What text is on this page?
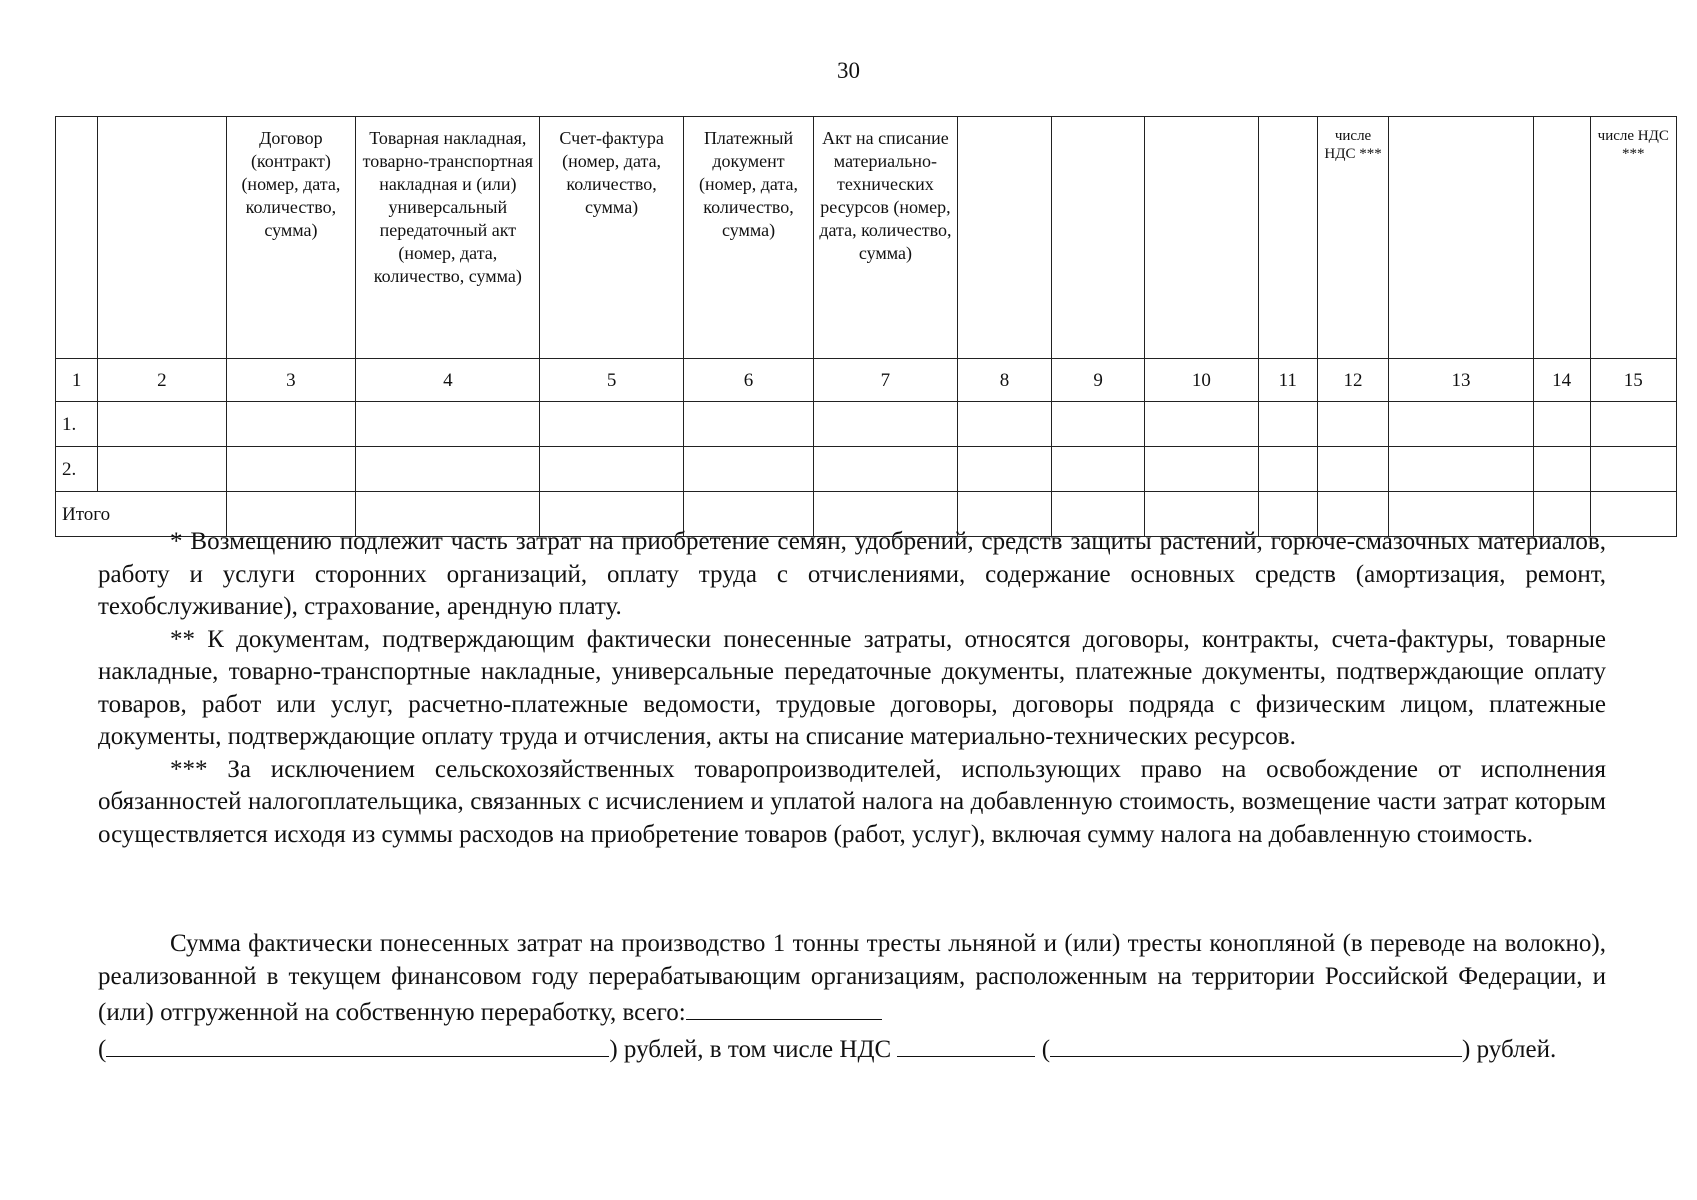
30
		Договор (контракт) (номер, дата, количество, сумма)	Товарная накладная, товарно-транспортная накладная и (или) универсальный передаточный акт (номер, дата, количество, сумма)	Счет-фактура (номер, дата, количество, сумма)	Платежный документ (номер, дата, количество, сумма)	Акт на списание материально-технических ресурсов (номер, дата, количество, сумма)					числе НДС ***			числе НДС ***

1	2	3	4	5	6	7	8	9	10	11	12	13	14	15
1.														
2.														
Итого														

* Возмещению подлежит часть затрат на приобретение семян, удобрений, средств защиты растений, горюче-смазочных материалов, работу и услуги сторонних организаций, оплату труда с отчислениями, содержание основных средств (амортизация, ремонт, техобслуживание), страхование, арендную плату.

** К документам, подтверждающим фактически понесенные затраты, относятся договоры, контракты, счета-фактуры, товарные накладные, товарно-транспортные накладные, универсальные передаточные документы, платежные документы, подтверждающие оплату товаров, работ или услуг, расчетно-платежные ведомости, трудовые договоры, договоры подряда с физическим лицом, платежные документы, подтверждающие оплату труда и отчисления, акты на списание материально-технических ресурсов.

*** За исключением сельскохозяйственных товаропроизводителей, использующих право на освобождение от исполнения обязанностей налогоплательщика, связанных с исчислением и уплатой налога на добавленную стоимость, возмещение части затрат которым осуществляется исходя из суммы расходов на приобретение товаров (работ, услуг), включая сумму налога на добавленную стоимость.

Сумма фактически понесенных затрат на производство 1 тонны тресты льняной и (или) тресты конопляной (в переводе на волокно), реализованной в текущем финансовом году перерабатывающим организациям, расположенным на территории Российской Федерации, и (или) отгруженной на собственную переработку, всего:

(	) рублей, в том числе НДС	(	) рублей.
